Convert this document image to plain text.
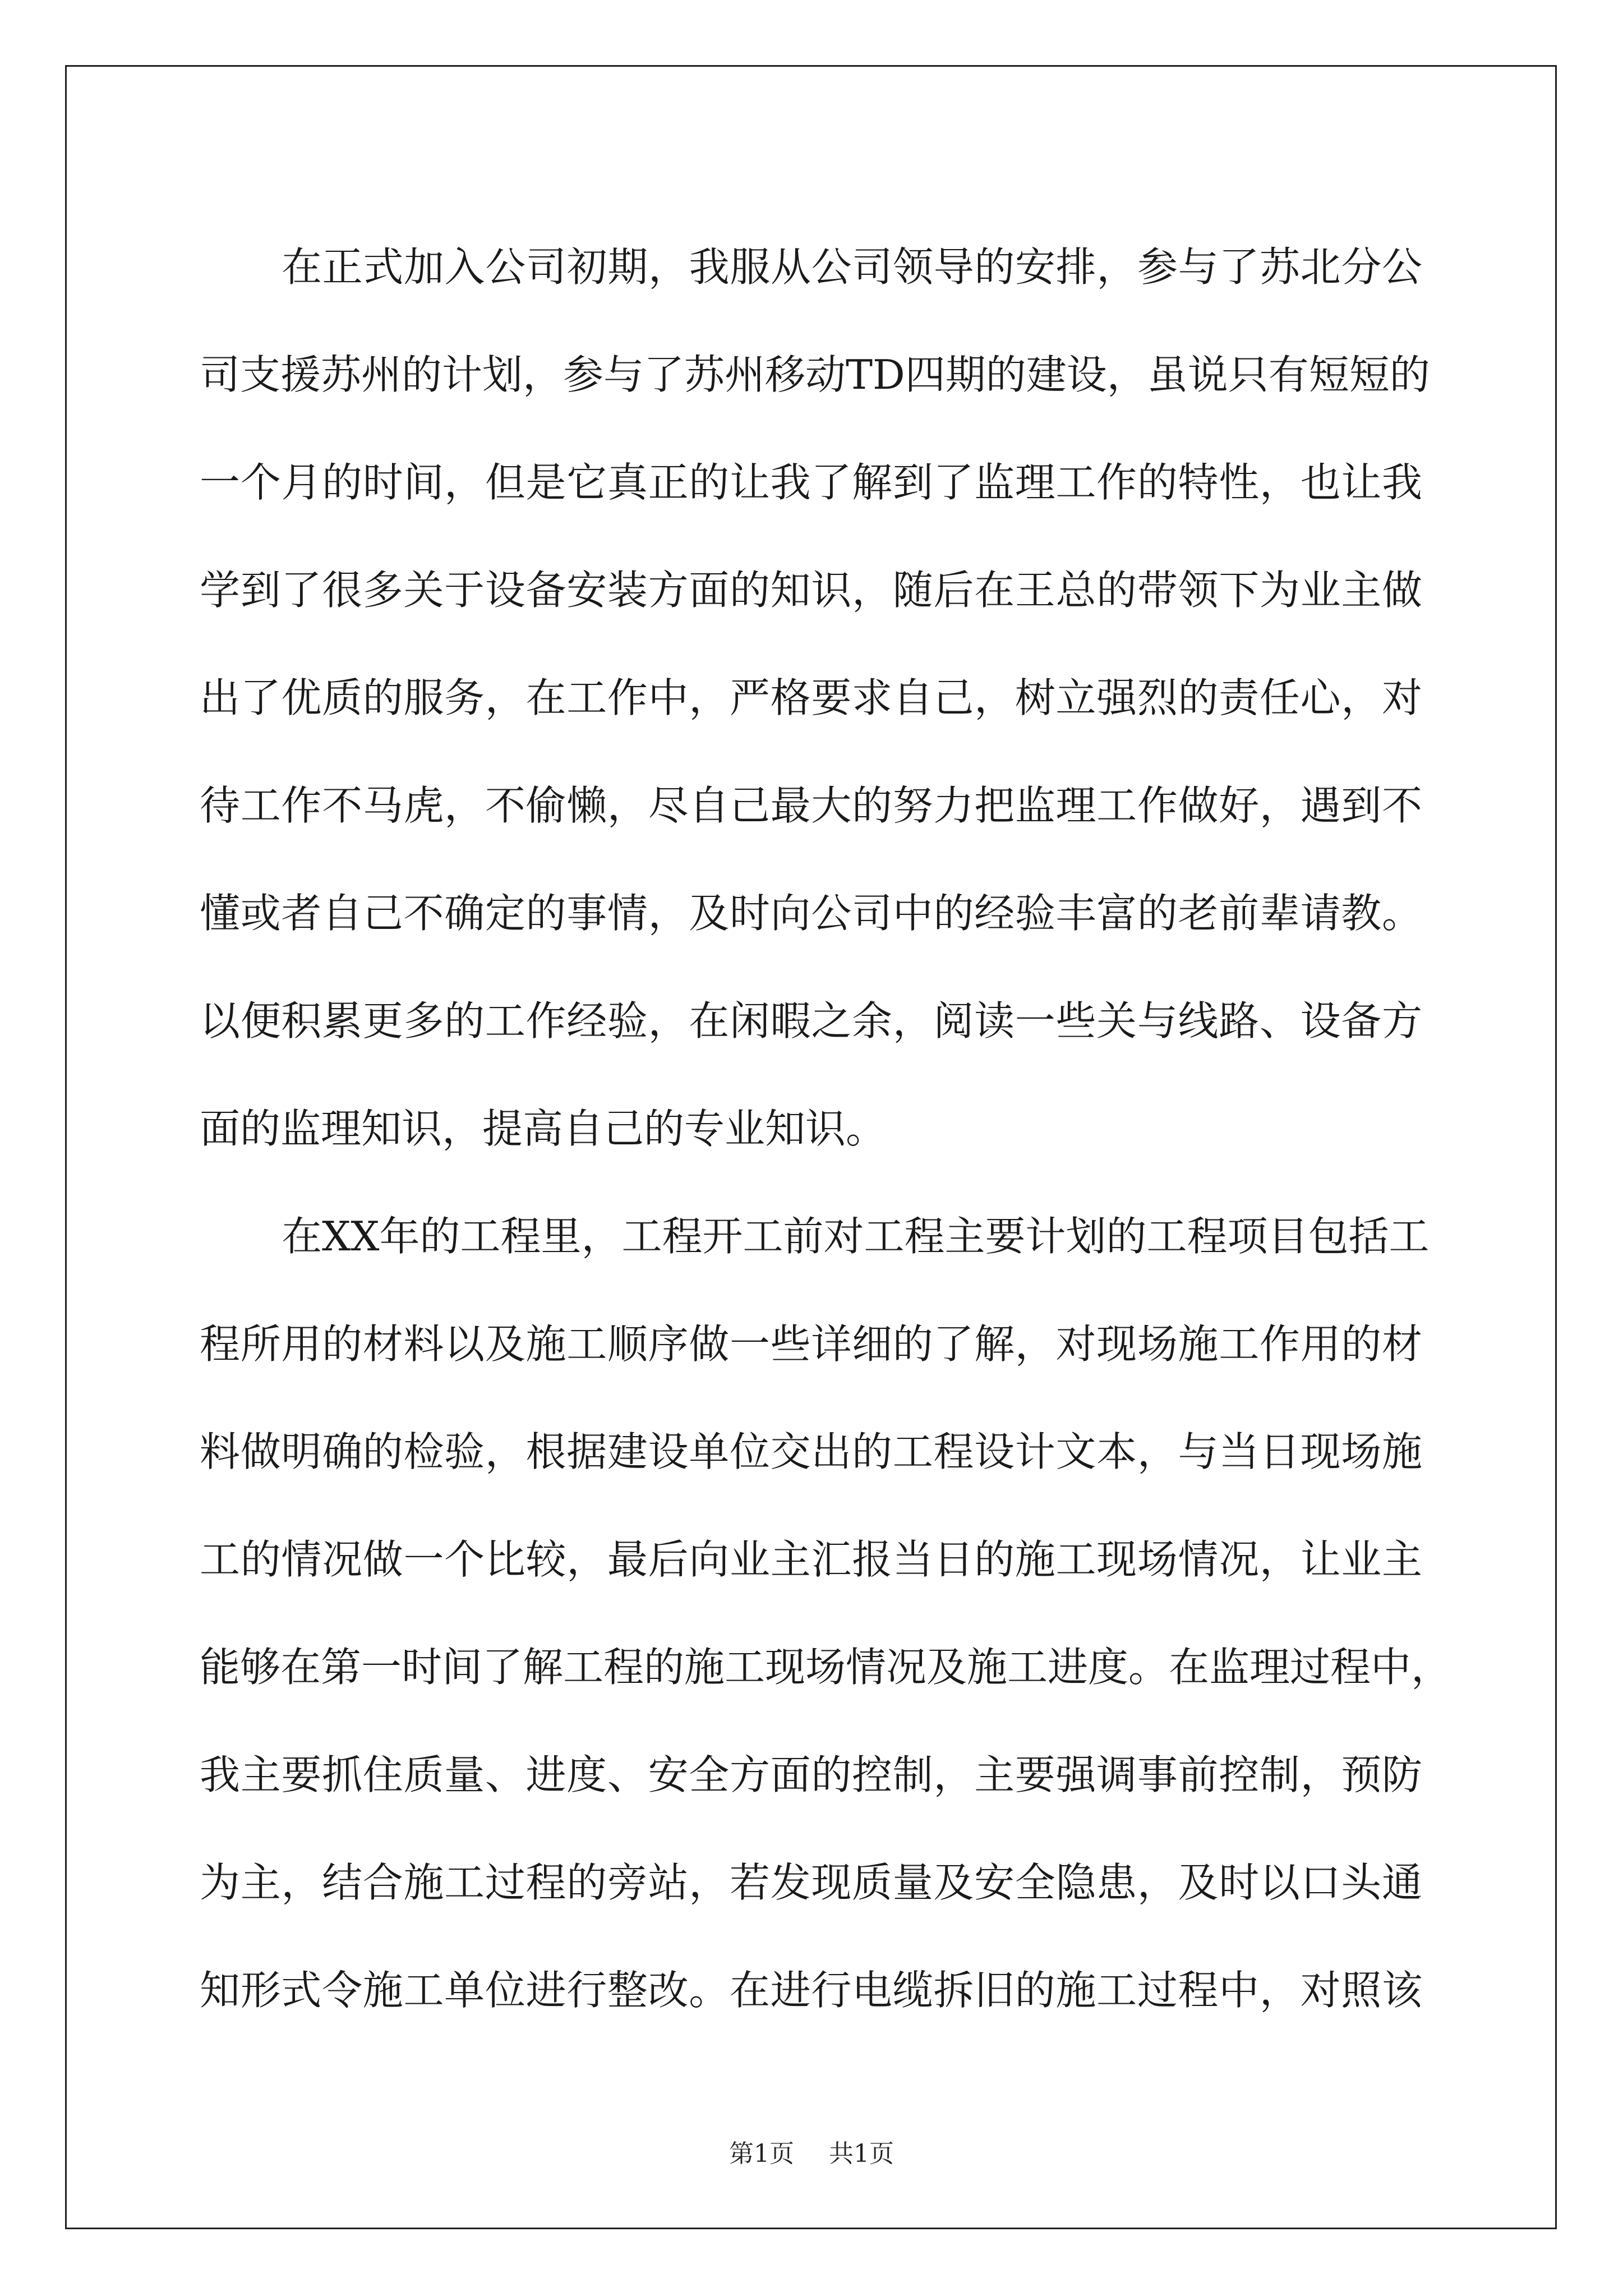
在正式加入公司初期，我服从公司领导的安排，参与了苏北分公
司支援苏州的计划，参与了苏州移动TD四期的建设，虽说只有短短的
一个月的时间，但是它真正的让我了解到了监理工作的特性，也让我
学到了很多关于设备安装方面的知识，随后在王总的带领下为业主做
出了优质的服务，在工作中，严格要求自己，树立强烈的责任心，对
待工作不马虎，不偷懒，尽自己最大的努力把监理工作做好，遇到不
懂或者自己不确定的事情，及时向公司中的经验丰富的老前辈请教。
以便积累更多的工作经验，在闲暇之余，阅读一些关与线路、设备方
面的监理知识，提高自己的专业知识。
在XX年的工程里，工程开工前对工程主要计划的工程项目包括工
程所用的材料以及施工顺序做一些详细的了解，对现场施工作用的材
料做明确的检验，根据建设单位交出的工程设计文本，与当日现场施
工的情况做一个比较，最后向业主汇报当日的施工现场情况，让业主
能够在第一时间了解工程的施工现场情况及施工进度。在监理过程中，
我主要抓住质量、进度、安全方面的控制，主要强调事前控制，预防
为主，结合施工过程的旁站，若发现质量及安全隐患，及时以口头通
知形式令施工单位进行整改。在进行电缆拆旧的施工过程中，对照该
第1页 共1页
